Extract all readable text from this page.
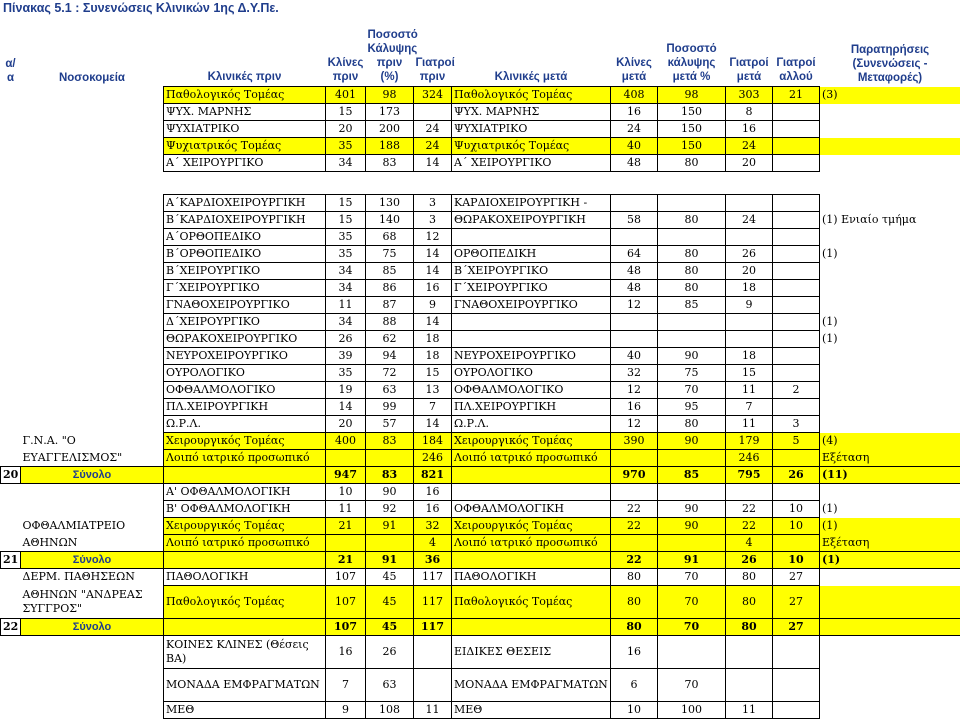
Πίνακας 5.1 : Συνενώσεις Κλινικών 1ης Δ.Υ.Πε.
α/α	Νοσοκομεία	Κλινικές πριν	Κλίνες πριν	Ποσοστό Κάλυψης πριν (%)	Γιατροί πριν	Κλινικές μετά	Κλίνες μετά	Ποσοστό κάλυψης μετά %	Γιατροί μετά	Γιατροί αλλού	Παρατηρήσεις (Συνενώσεις - Μεταφορές)
		Παθολογικός Τομέας	401	98	324	Παθολογικός Τομέας	408	98	303	21	(3)
		ΨΥΧ. ΜΑΡΝΗΣ	15	173		ΨΥΧ. ΜΑΡΝΗΣ	16	150	8		
		ΨΥΧΙΑΤΡΙΚΟ	20	200	24	ΨΥΧΙΑΤΡΙΚΟ	24	150	16		
		Ψυχιατρικός Τομέας	35	188	24	Ψυχιατρικός Τομέας	40	150	24		
		Α΄ ΧΕΙΡΟΥΡΓΙΚΟ	34	83	14	Α΄ ΧΕΙΡΟΥΡΓΙΚΟ	48	80	20		

		Α΄ΚΑΡΔΙΟΧΕΙΡΟΥΡΓΙΚΗ	15	130	3	ΚΑΡΔΙΟΧΕΙΡΟΥΡΓΙΚΗ -					
		Β΄ΚΑΡΔΙΟΧΕΙΡΟΥΡΓΙΚΗ	15	140	3	ΘΩΡΑΚΟΧΕΙΡΟΥΡΓΙΚΗ	58	80	24		(1) Ενιαίο τμήμα
		Α΄ΟΡΘΟΠΕΔΙΚΟ	35	68	12						
		Β΄ΟΡΘΟΠΕΔΙΚΟ	35	75	14	ΟΡΘΟΠΕΔΙΚΗ	64	80	26		(1)
		Β΄ΧΕΙΡΟΥΡΓΙΚΟ	34	85	14	Β΄ΧΕΙΡΟΥΡΓΙΚΟ	48	80	20		
		Γ΄ΧΕΙΡΟΥΡΓΙΚΟ	34	86	16	Γ΄ΧΕΙΡΟΥΡΓΙΚΟ	48	80	18		
		ΓΝΑΘΟΧΕΙΡΟΥΡΓΙΚΟ	11	87	9	ΓΝΑΘΟΧΕΙΡΟΥΡΓΙΚΟ	12	85	9		
		Δ΄ΧΕΙΡΟΥΡΓΙΚΟ	34	88	14						(1)
		ΘΩΡΑΚΟΧΕΙΡΟΥΡΓΙΚΟ	26	62	18						(1)
		ΝΕΥΡΟΧΕΙΡΟΥΡΓΙΚΟ	39	94	18	ΝΕΥΡΟΧΕΙΡΟΥΡΓΙΚΟ	40	90	18		
		ΟΥΡΟΛΟΓΙΚΟ	35	72	15	ΟΥΡΟΛΟΓΙΚΟ	32	75	15		
		ΟΦΘΑΛΜΟΛΟΓΙΚΟ	19	63	13	ΟΦΘΑΛΜΟΛΟΓΙΚΟ	12	70	11	2	
		ΠΛ.ΧΕΙΡΟΥΡΓΙΚΗ	14	99	7	ΠΛ.ΧΕΙΡΟΥΡΓΙΚΗ	16	95	7		
		Ω.Ρ.Λ.	20	57	14	Ω.Ρ.Λ.	12	80	11	3	
	Γ.Ν.Α. "Ο	Χειρουργικός Τομέας	400	83	184	Χειρουργικός Τομέας	390	90	179	5	(4)
	ΕΥΑΓΓΕΛΙΣΜΟΣ"	Λοιπό ιατρικό προσωπικό			246	Λοιπό ιατρικό προσωπικό			246		Εξέταση
20	Σύνολο		947	83	821		970	85	795	26	(11)
		Α' ΟΦΘΑΛΜΟΛΟΓΙΚΗ	10	90	16						
		Β' ΟΦΘΑΛΜΟΛΟΓΙΚΗ	11	92	16	ΟΦΘΑΛΜΟΛΟΓΙΚΗ	22	90	22	10	(1)
	ΟΦΘΑΛΜΙΑΤΡΕΙΟ	Χειρουργικός Τομέας	21	91	32	Χειρουργικός Τομέας	22	90	22	10	(1)
	ΑΘΗΝΩΝ	Λοιπό ιατρικό προσωπικό			4	Λοιπό ιατρικό προσωπικό			4		Εξέταση
21	Σύνολο		21	91	36		22	91	26	10	(1)
	ΔΕΡΜ. ΠΑΘΗΣΕΩΝ	ΠΑΘΟΛΟΓΙΚΗ	107	45	117	ΠΑΘΟΛΟΓΙΚΗ	80	70	80	27	
	ΑΘΗΝΩΝ "ΑΝΔΡΕΑΣ ΣΥΓΓΡΟΣ"	Παθολογικός Τομέας	107	45	117	Παθολογικός Τομέας	80	70	80	27	
22	Σύνολο		107	45	117		80	70	80	27	
		ΚΟΙΝΕΣ ΚΛΙΝΕΣ (Θέσεις ΒΑ)	16	26		ΕΙΔΙΚΕΣ ΘΕΣΕΙΣ	16				
		ΜΟΝΑΔΑ ΕΜΦΡΑΓΜΑΤΩΝ	7	63		ΜΟΝΑΔΑ ΕΜΦΡΑΓΜΑΤΩΝ	6	70			
		ΜΕΘ	9	108	11	ΜΕΘ	10	100	11		
